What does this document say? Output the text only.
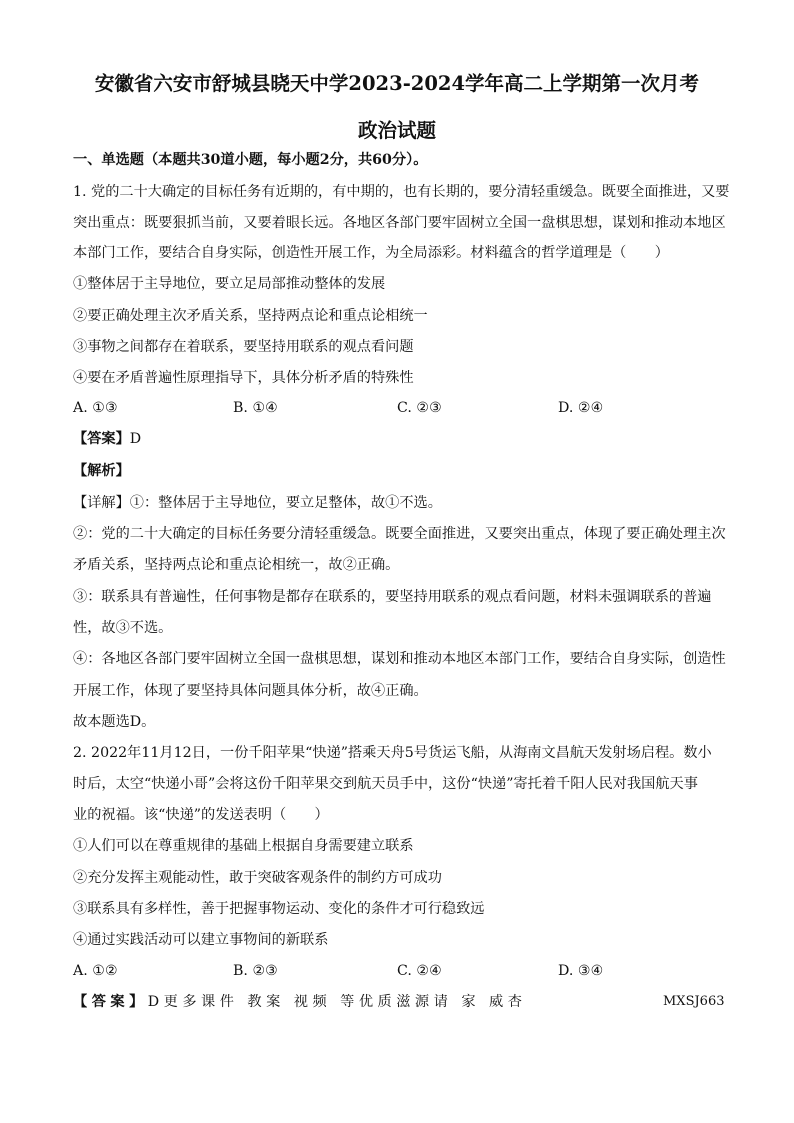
安徽省六安市舒城县晓天中学2023-2024学年高二上学期第一次月考
政治试题
一、单选题（本题共30道小题，每小题2分，共60分）。
1. 党的二十大确定的目标任务有近期的，有中期的，也有长期的，要分清轻重缓急。既要全面推进，又要
突出重点：既要狠抓当前，又要着眼长远。各地区各部门要牢固树立全国一盘棋思想，谋划和推动本地区
本部门工作，要结合自身实际，创造性开展工作，为全局添彩。材料蕴含的哲学道理是（　　）
①整体居于主导地位，要立足局部推动整体的发展
②要正确处理主次矛盾关系，坚持两点论和重点论相统一
③事物之间都存在着联系，要坚持用联系的观点看问题
④要在矛盾普遍性原理指导下，具体分析矛盾的特殊性
A. ①③	B. ①④	C. ②③	D. ②④
【答案】D
【解析】
【详解】①：整体居于主导地位，要立足整体，故①不选。
②：党的二十大确定的目标任务要分清轻重缓急。既要全面推进，又要突出重点，体现了要正确处理主次
矛盾关系，坚持两点论和重点论相统一，故②正确。
③：联系具有普遍性，任何事物是都存在联系的，要坚持用联系的观点看问题，材料未强调联系的普遍
性，故③不选。
④：各地区各部门要牢固树立全国一盘棋思想，谋划和推动本地区本部门工作，要结合自身实际，创造性
开展工作，体现了要坚持具体问题具体分析，故④正确。
故本题选D。
2. 2022年11月12日，一份千阳苹果“快递”搭乘天舟5号货运飞船，从海南文昌航天发射场启程。数小
时后，太空“快递小哥”会将这份千阳苹果交到航天员手中，这份“快递”寄托着千阳人民对我国航天事
业的祝福。该“快递”的发送表明（　　）
①人们可以在尊重规律的基础上根据自身需要建立联系
②充分发挥主观能动性，敢于突破客观条件的制约方可成功
③联系具有多样性，善于把握事物运动、变化的条件才可行稳致远
④通过实践活动可以建立事物间的新联系
A. ①②	B. ②③	C. ②④	D. ③④
【答案】D 更多课件 教案 视频 等优质滋源请 家 威杏	MXSJ663
